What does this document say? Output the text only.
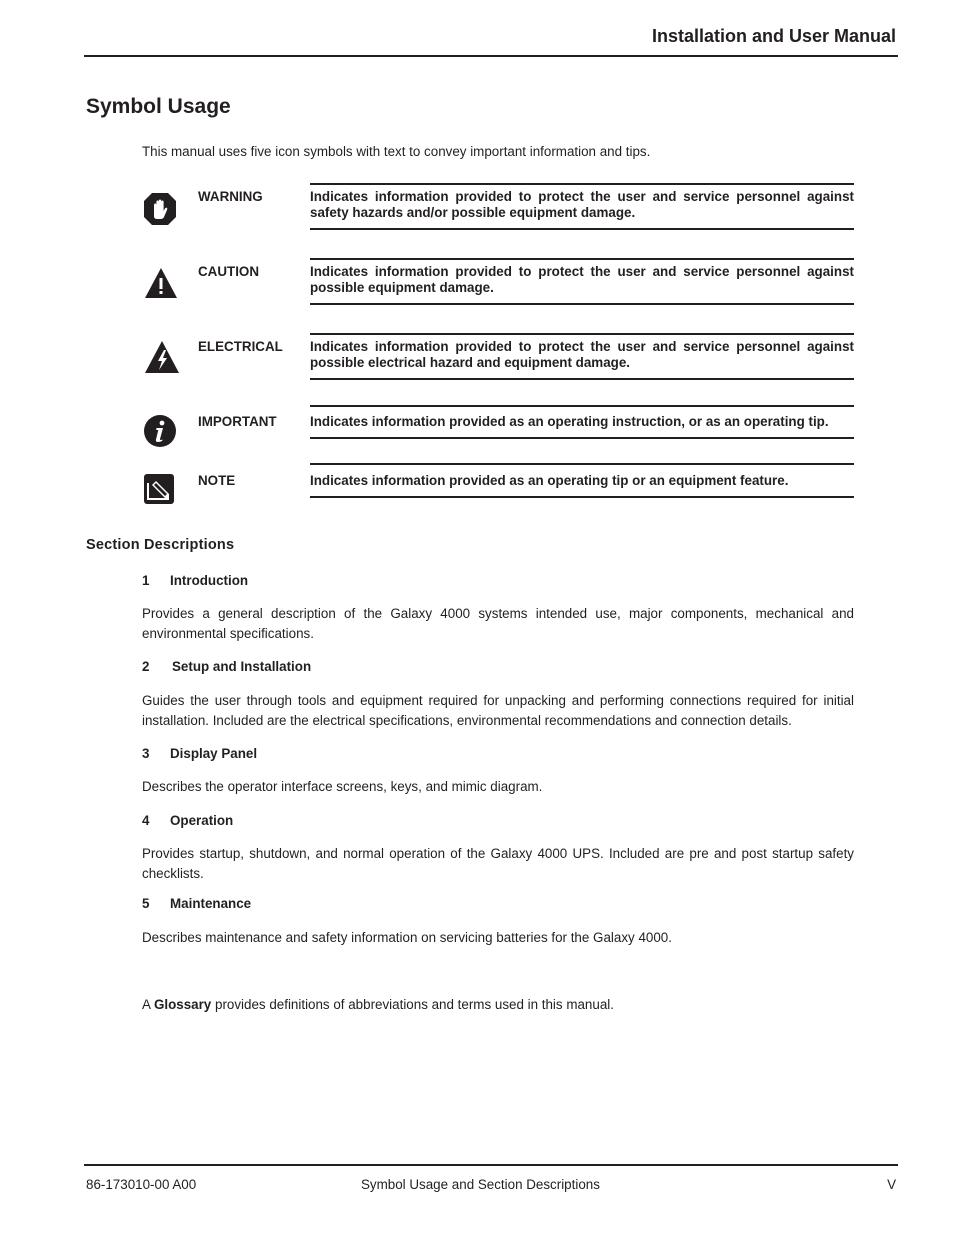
Installation and User Manual
Symbol Usage
This manual uses five icon symbols with text to convey important information and tips.
WARNING	Indicates information provided to protect the user and service personnel against safety hazards and/or possible equipment damage.
CAUTION	Indicates information provided to protect the user and service personnel against possible equipment damage.
ELECTRICAL Indicates information provided to protect the user and service personnel against possible electrical hazard and equipment damage.
IMPORTANT Indicates information provided as an operating instruction, or as an operating tip.
NOTE	Indicates information provided as an operating tip or an equipment feature.
Section Descriptions
1 Introduction
Provides a general description of the Galaxy 4000 systems intended use, major components, mechanical and environmental specifications.
2 Setup and Installation
Guides the user through tools and equipment required for unpacking and performing connections required for initial installation. Included are the electrical specifications, environmental recommendations and connection details.
3 Display Panel
Describes the operator interface screens, keys, and mimic diagram.
4 Operation
Provides startup, shutdown, and normal operation of the Galaxy 4000 UPS. Included are pre and post startup safety checklists.
5 Maintenance
Describes maintenance and safety information on servicing batteries for the Galaxy 4000.
A Glossary provides definitions of abbreviations and terms used in this manual.
86-173010-00 A00	Symbol Usage and Section Descriptions	V
